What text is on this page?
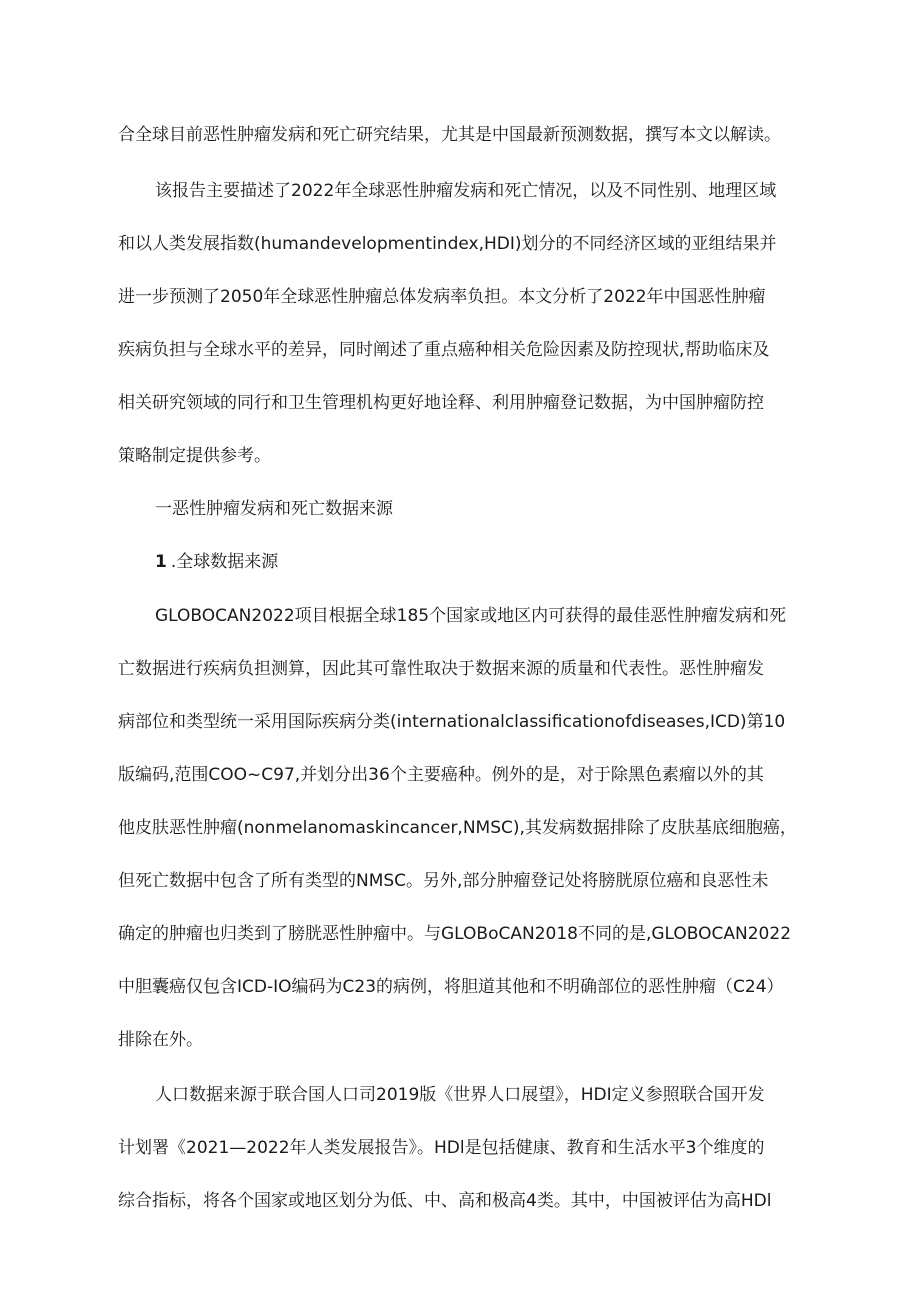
合全球目前恶性肿瘤发病和死亡研究结果，尤其是中国最新预测数据，撰写本文以解读。
该报告主要描述了2022年全球恶性肿瘤发病和死亡情况，以及不同性别、地理区域
和以人类发展指数(humandevelopmentindex,HDI)划分的不同经济区域的亚组结果并
进一步预测了2050年全球恶性肿瘤总体发病率负担。本文分析了2022年中国恶性肿瘤
疾病负担与全球水平的差异，同时阐述了重点癌种相关危险因素及防控现状,帮助临床及
相关研究领域的同行和卫生管理机构更好地诠释、利用肿瘤登记数据，为中国肿瘤防控
策略制定提供参考。
一恶性肿瘤发病和死亡数据来源
1 .全球数据来源
GLOBOCAN2022项目根据全球185个国家或地区内可获得的最佳恶性肿瘤发病和死
亡数据进行疾病负担测算，因此其可靠性取决于数据来源的质量和代表性。恶性肿瘤发
病部位和类型统一采用国际疾病分类(internationalclassificationofdiseases,ICD)第10
版编码,范围COO~C97,并划分出36个主要癌种。例外的是，对于除黑色素瘤以外的其
他皮肤恶性肿瘤(nonmelanomaskincancer,NMSC),其发病数据排除了皮肤基底细胞癌，
但死亡数据中包含了所有类型的NMSC。另外,部分肿瘤登记处将膀胱原位癌和良恶性未
确定的肿瘤也归类到了膀胱恶性肿瘤中。与GLOBoCAN2018不同的是,GLOBOCAN2022
中胆囊癌仅包含ICD-IO编码为C23的病例，将胆道其他和不明确部位的恶性肿瘤（C24）
排除在外。
人口数据来源于联合国人口司2019版《世界人口展望》，HDI定义参照联合国开发
计划署《2021—2022年人类发展报告》。HDl是包括健康、教育和生活水平3个维度的
综合指标，将各个国家或地区划分为低、中、高和极高4类。其中，中国被评估为高HDl
